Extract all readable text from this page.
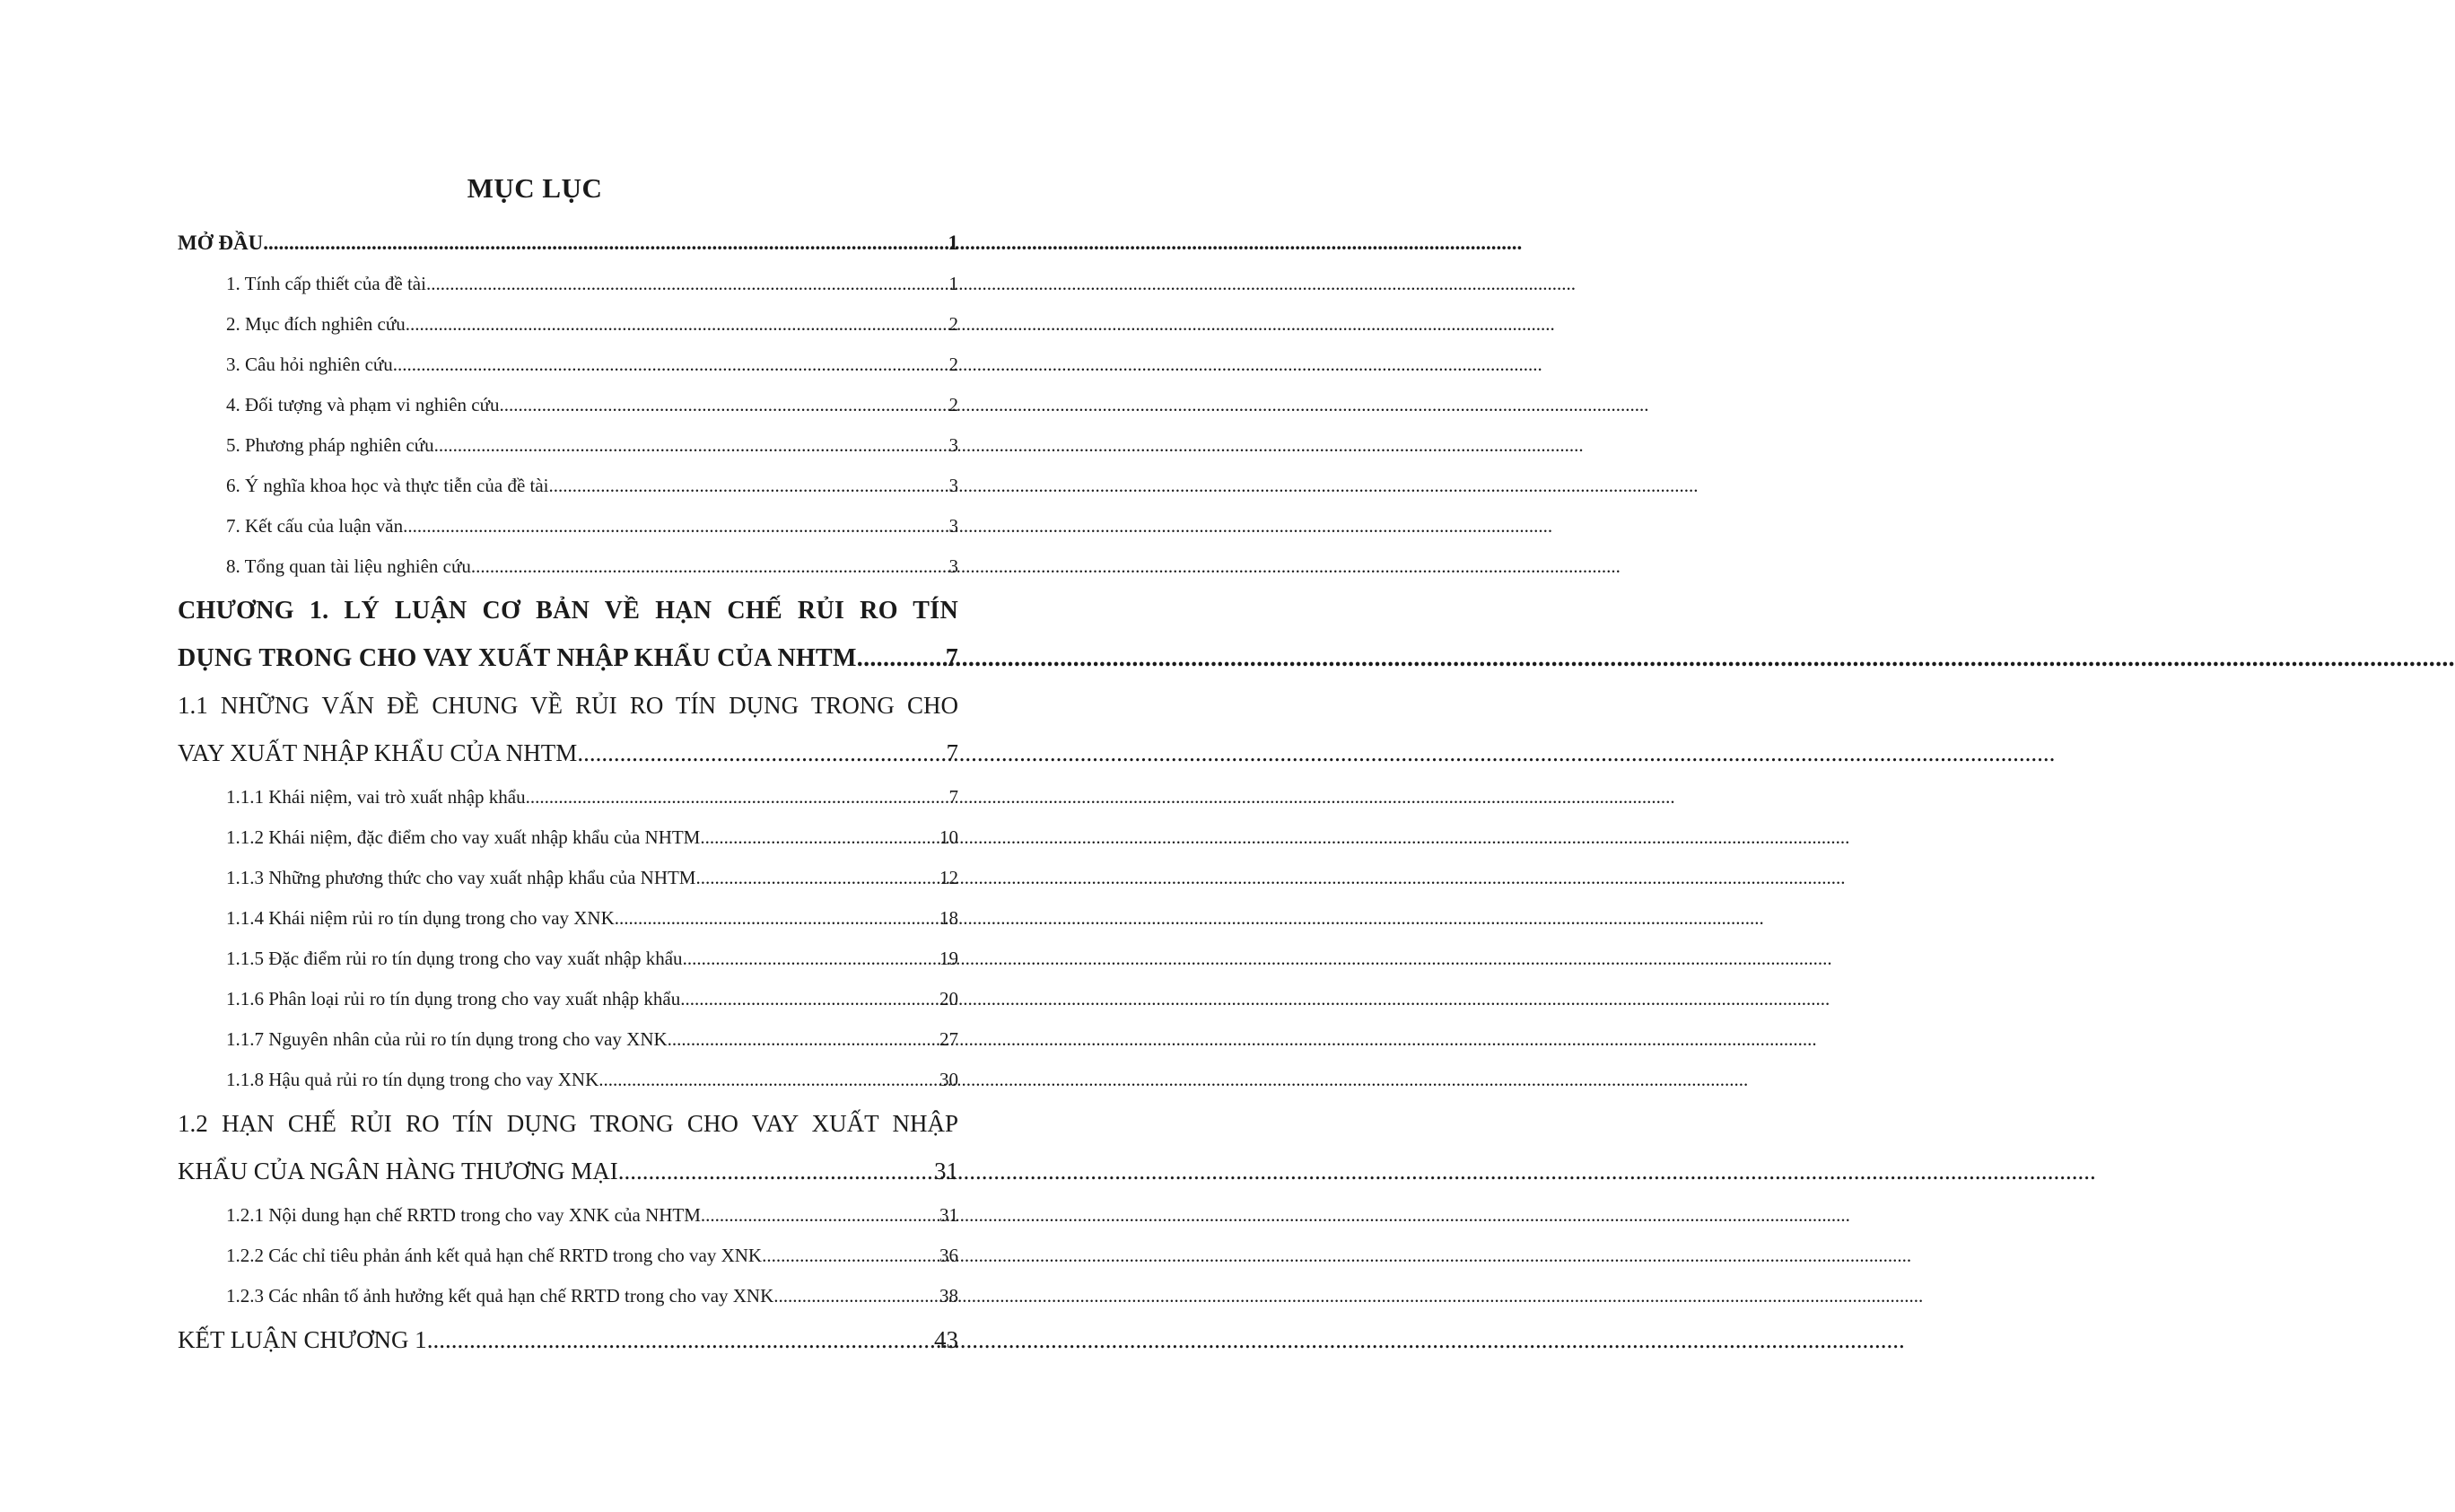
MỤC LỤC
MỞ ĐẦU .....	1
1. Tính cấp thiết của đề tài .....	1
2. Mục đích nghiên cứu .....	2
3. Câu hỏi nghiên cứu .....	2
4. Đối tượng và phạm vi nghiên cứu .....	2
5. Phương pháp nghiên cứu .....	3
6. Ý nghĩa khoa học và thực tiễn của đề tài .....	3
7. Kết cấu của luận văn .....	3
8. Tổng quan tài liệu nghiên cứu .....	3
CHƯƠNG 1. LÝ LUẬN CƠ BẢN VỀ HẠN CHẾ RỦI RO TÍN
DỤNG TRONG CHO VAY XUẤT NHẬP KHẨU CỦA NHTM .....	7
1.1 NHỮNG VẤN ĐỀ CHUNG VỀ RỦI RO TÍN DỤNG TRONG CHO
VAY XUẤT NHẬP KHẨU CỦA NHTM .....	7
1.1.1 Khái niệm, vai trò xuất nhập khẩu .....	7
1.1.2 Khái niệm, đặc điểm cho vay xuất nhập khẩu của NHTM .....	10
1.1.3 Những phương thức cho vay xuất nhập khẩu của NHTM .....	12
1.1.4 Khái niệm rủi ro tín dụng trong cho vay XNK .....	18
1.1.5 Đặc điểm rủi ro tín dụng trong cho vay xuất nhập khẩu .....	19
1.1.6 Phân loại rủi ro tín dụng trong cho vay xuất nhập khẩu .....	20
1.1.7 Nguyên nhân của rủi ro tín dụng trong cho vay XNK .....	27
1.1.8 Hậu quả rủi ro tín dụng trong cho vay XNK .....	30
1.2 HẠN CHẾ RỦI RO TÍN DỤNG TRONG CHO VAY XUẤT NHẬP
KHẨU CỦA NGÂN HÀNG THƯƠNG MẠI .....	31
1.2.1 Nội dung hạn chế RRTD trong cho vay XNK của NHTM .....	31
1.2.2 Các chỉ tiêu phản ánh kết quả hạn chế RRTD trong cho vay XNK .....	36
1.2.3 Các nhân tố ảnh hưởng kết quả hạn chế RRTD trong cho vay XNK .....	38
KẾT LUẬN CHƯƠNG 1 .....	43
